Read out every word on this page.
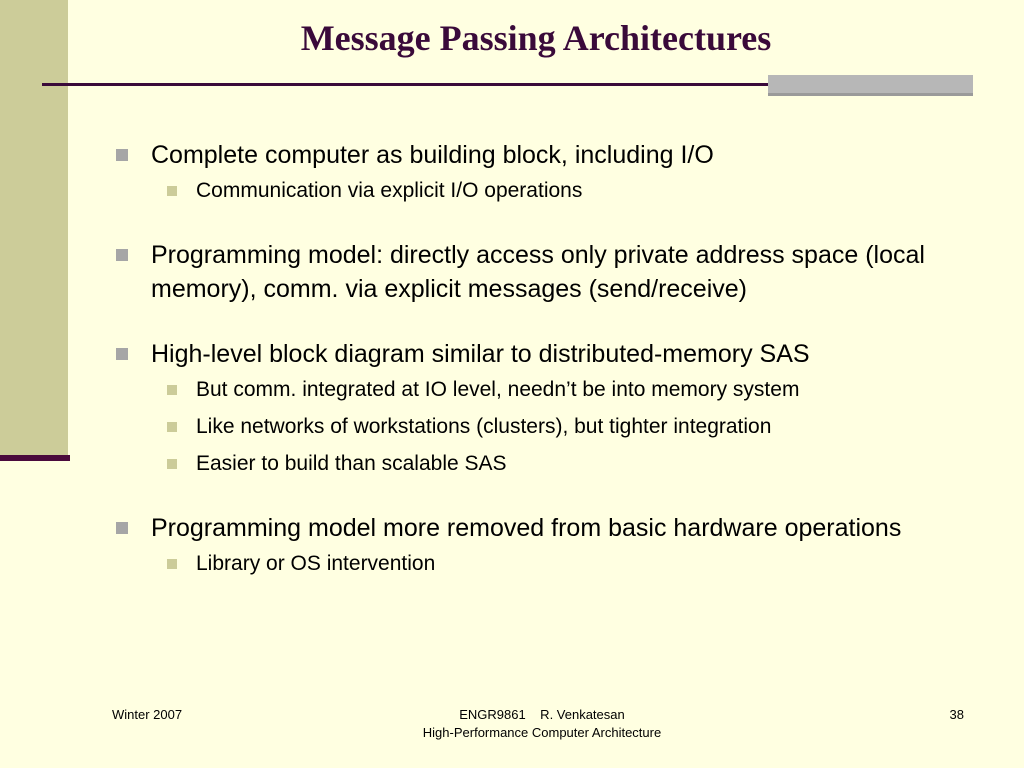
Message Passing Architectures
Complete computer as building block, including I/O
Communication via explicit I/O operations
Programming model: directly access only private address space (local memory), comm. via explicit messages (send/receive)
High-level block diagram similar to distributed-memory SAS
But comm. integrated at IO level, needn’t be into memory system
Like networks of workstations (clusters), but tighter integration
Easier to build than scalable SAS
Programming model more removed from basic hardware operations
Library or OS intervention
Winter 2007	ENGR9861    R. Venkatesan
High-Performance Computer Architecture
38
